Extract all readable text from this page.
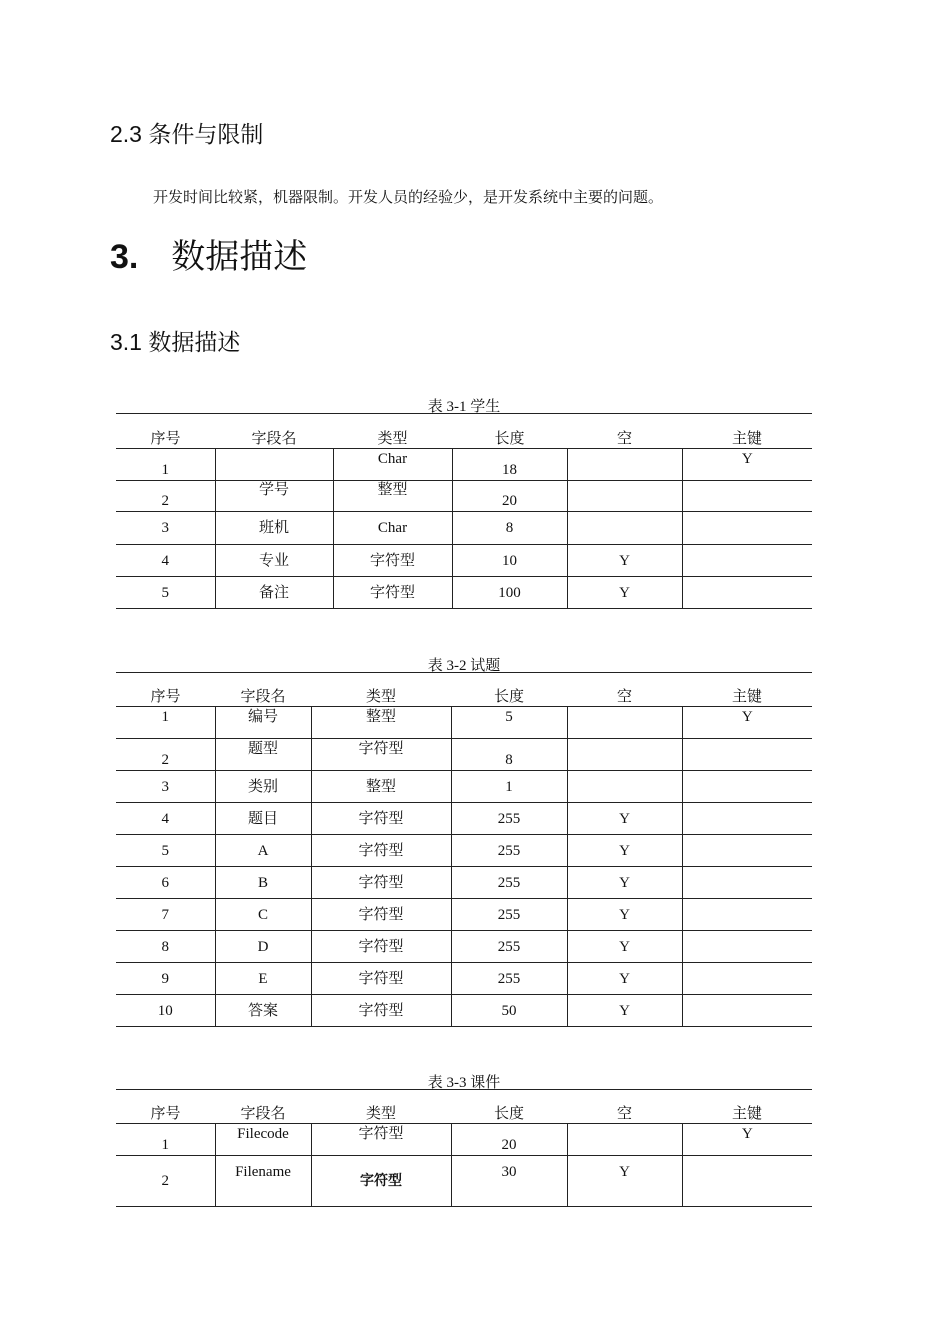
2.3 条件与限制
开发时间比较紧，机器限制。开发人员的经验少，是开发系统中主要的问题。
3. 数据描述
3.1 数据描述
表 3-1 学生
序号	字段名	类型	长度	空	主键
1		Char	18		Y
2	学号	整型	20		
3	班机	Char	8		
4	专业	字符型	10	Y	
5	备注	字符型	100	Y	
表 3-2 试题
序号	字段名	类型	长度	空	主键
1	编号	整型	5		Y
2	题型	字符型	8		
3	类别	整型	1		
4	题目	字符型	255	Y	
5	A	字符型	255	Y	
6	B	字符型	255	Y	
7	C	字符型	255	Y	
8	D	字符型	255	Y	
9	E	字符型	255	Y	
10	答案	字符型	50	Y	
表 3-3 课件
序号	字段名	类型	长度	空	主键
1	Filecode	字符型	20		Y
2	Filename	字符型	30	Y	
